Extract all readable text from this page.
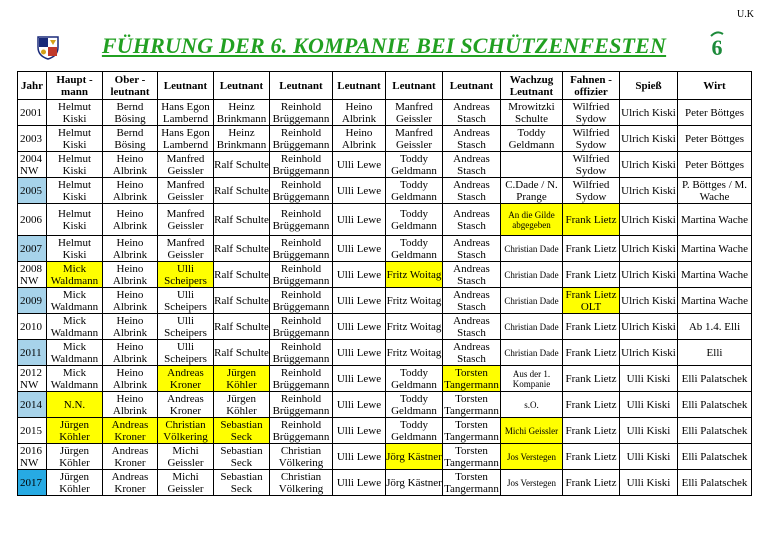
U.K
FÜHRUNG DER 6. KOMPANIE BEI SCHÜTZENFESTEN	6
Jahr	Haupt - mann	Ober - leutnant	Leutnant	Leutnant	Leutnant	Leutnant	Leutnant	Leutnant	Wachzug Leutnant	Fahnen - offizier	Spieß	Wirt
2001	Helmut Kiski	Bernd Bösing	Hans Egon Lambernd	Heinz Brinkmann	Reinhold Brüggemann	Heino Albrink	Manfred Geissler	Andreas Stasch	Mrowitzki Schulte	Wilfried Sydow	Ulrich Kiski	Peter Böttges
2003	Helmut Kiski	Bernd Bösing	Hans Egon Lambernd	Heinz Brinkmann	Reinhold Brüggemann	Heino Albrink	Manfred Geissler	Andreas Stasch	Toddy Geldmann	Wilfried Sydow	Ulrich Kiski	Peter Böttges
2004 NW	Helmut Kiski	Heino Albrink	Manfred Geissler	Ralf Schulte	Reinhold Brüggemann	Ulli Lewe	Toddy Geldmann	Andreas Stasch		Wilfried Sydow	Ulrich Kiski	Peter Böttges
2005	Helmut Kiski	Heino Albrink	Manfred Geissler	Ralf Schulte	Reinhold Brüggemann	Ulli Lewe	Toddy Geldmann	Andreas Stasch	C.Dade / N. Prange	Wilfried Sydow	Ulrich Kiski	P. Böttges / M. Wache
2006	Helmut Kiski	Heino Albrink	Manfred Geissler	Ralf Schulte	Reinhold Brüggemann	Ulli Lewe	Toddy Geldmann	Andreas Stasch	An die Gilde abgegeben	Frank Lietz	Ulrich Kiski	Martina Wache
2007	Helmut Kiski	Heino Albrink	Manfred Geissler	Ralf Schulte	Reinhold Brüggemann	Ulli Lewe	Toddy Geldmann	Andreas Stasch	Christian Dade	Frank Lietz	Ulrich Kiski	Martina Wache
2008 NW	Mick Waldmann	Heino Albrink	Ulli Scheipers	Ralf Schulte	Reinhold Brüggemann	Ulli Lewe	Fritz Woitag	Andreas Stasch	Christian Dade	Frank Lietz	Ulrich Kiski	Martina Wache
2009	Mick Waldmann	Heino Albrink	Ulli Scheipers	Ralf Schulte	Reinhold Brüggemann	Ulli Lewe	Fritz Woitag	Andreas Stasch	Christian Dade	Frank Lietz OLT	Ulrich Kiski	Martina Wache
2010	Mick Waldmann	Heino Albrink	Ulli Scheipers	Ralf Schulte	Reinhold Brüggemann	Ulli Lewe	Fritz Woitag	Andreas Stasch	Christian Dade	Frank Lietz	Ulrich Kiski	Ab 1.4. Elli
2011	Mick Waldmann	Heino Albrink	Ulli Scheipers	Ralf Schulte	Reinhold Brüggemann	Ulli Lewe	Fritz Woitag	Andreas Stasch	Christian Dade	Frank Lietz	Ulrich Kiski	Elli
2012 NW	Mick Waldmann	Heino Albrink	Andreas Kroner	Jürgen Köhler	Reinhold Brüggemann	Ulli Lewe	Toddy Geldmann	Torsten Tangermann	Aus der 1. Kompanie	Frank Lietz	Ulli Kiski	Elli Palatschek
2014	N.N.	Heino Albrink	Andreas Kroner	Jürgen Köhler	Reinhold Brüggemann	Ulli Lewe	Toddy Geldmann	Torsten Tangermann	s.O.	Frank Lietz	Ulli Kiski	Elli Palatschek
2015	Jürgen Köhler	Andreas Kroner	Christian Völkering	Sebastian Seck	Reinhold Brüggemann	Ulli Lewe	Toddy Geldmann	Torsten Tangermann	Michi Geissler	Frank Lietz	Ulli Kiski	Elli Palatschek
2016 NW	Jürgen Köhler	Andreas Kroner	Michi Geissler	Sebastian Seck	Christian Völkering	Ulli Lewe	Jörg Kästner	Torsten Tangermann	Jos Verstegen	Frank Lietz	Ulli Kiski	Elli Palatschek
2017	Jürgen Köhler	Andreas Kroner	Michi Geissler	Sebastian Seck	Christian Völkering	Ulli Lewe	Jörg Kästner	Torsten Tangermann	Jos Verstegen	Frank Lietz	Ulli Kiski	Elli Palatschek
